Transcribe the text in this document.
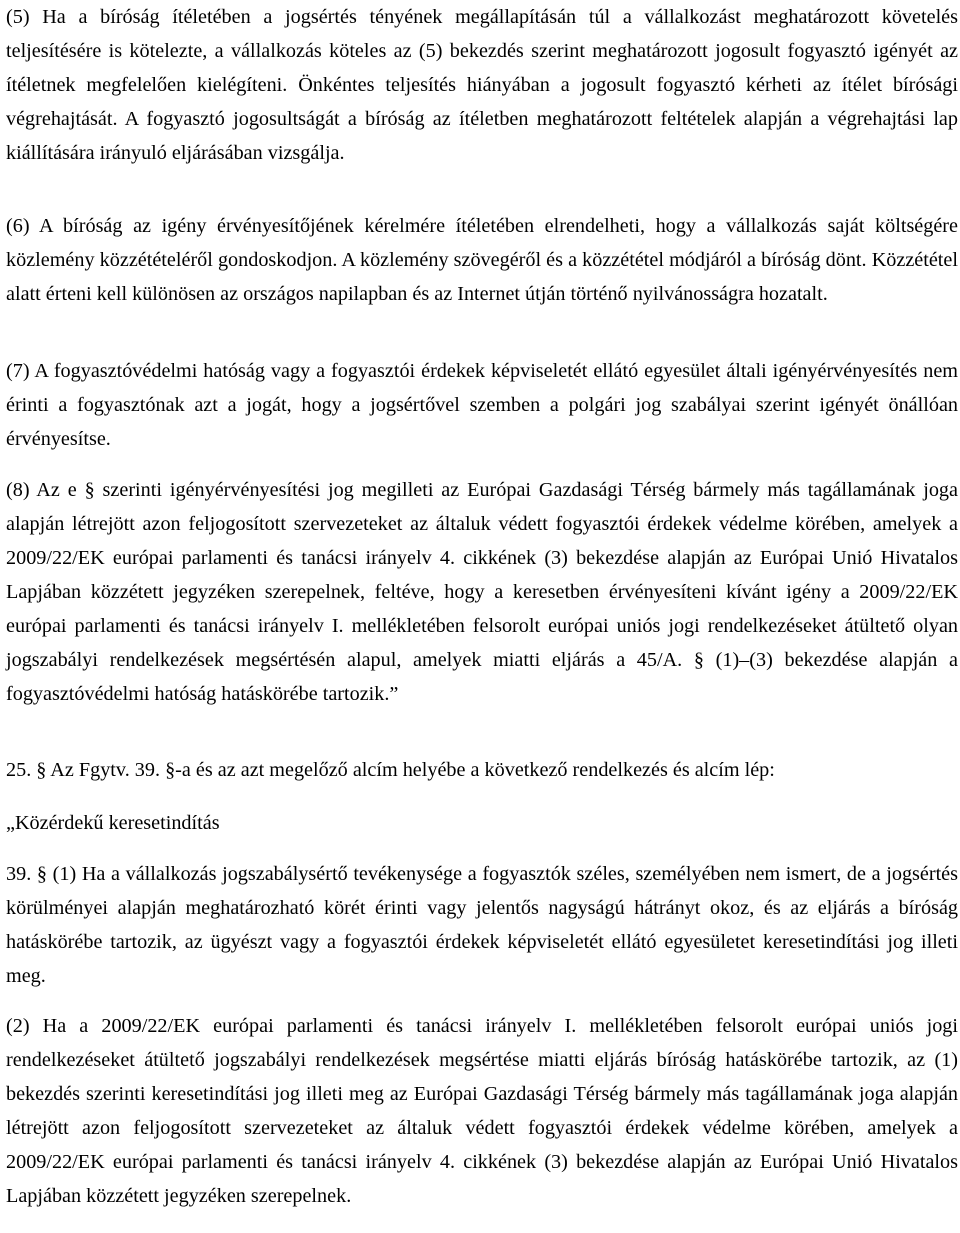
(5) Ha a bíróság ítéletében a jogsértés tényének megállapításán túl a vállalkozást meghatározott követelés teljesítésére is kötelezte, a vállalkozás köteles az (5) bekezdés szerint meghatározott jogosult fogyasztó igényét az ítéletnek megfelelően kielégíteni. Önkéntes teljesítés hiányában a jogosult fogyasztó kérheti az ítélet bírósági végrehajtását. A fogyasztó jogosultságát a bíróság az ítéletben meghatározott feltételek alapján a végrehajtási lap kiállítására irányuló eljárásában vizsgálja.

(6) A bíróság az igény érvényesítőjének kérelmére ítéletében elrendelheti, hogy a vállalkozás saját költségére közlemény közzétételéről gondoskodjon. A közlemény szövegéről és a közzététel módjáról a bíróság dönt. Közzététel alatt érteni kell különösen az országos napilapban és az Internet útján történő nyilvánosságra hozatalt.

(7) A fogyasztóvédelmi hatóság vagy a fogyasztói érdekek képviseletét ellátó egyesület általi igényérvényesítés nem érinti a fogyasztónak azt a jogát, hogy a jogsértővel szemben a polgári jog szabályai szerint igényét önállóan érvényesítse.

(8) Az e § szerinti igényérvényesítési jog megilleti az Európai Gazdasági Térség bármely más tagállamának joga alapján létrejött azon feljogosított szervezeteket az általuk védett fogyasztói érdekek védelme körében, amelyek a 2009/22/EK európai parlamenti és tanácsi irányelv 4. cikkének (3) bekezdése alapján az Európai Unió Hivatalos Lapjában közzétett jegyzéken szerepelnek, feltéve, hogy a keresetben érvényesíteni kívánt igény a 2009/22/EK európai parlamenti és tanácsi irányelv I. mellékletében felsorolt európai uniós jogi rendelkezéseket átültető olyan jogszabályi rendelkezések megsértésén alapul, amelyek miatti eljárás a 45/A. § (1)–(3) bekezdése alapján a fogyasztóvédelmi hatóság hatáskörébe tartozik.”

25. § Az Fgytv. 39. §-a és az azt megelőző alcím helyébe a következő rendelkezés és alcím lép:

„Közérdekű keresetindítás

39. § (1) Ha a vállalkozás jogszabálysértő tevékenysége a fogyasztók széles, személyében nem ismert, de a jogsértés körülményei alapján meghatározható körét érinti vagy jelentős nagyságú hátrányt okoz, és az eljárás a bíróság hatáskörébe tartozik, az ügyészt vagy a fogyasztói érdekek képviseletét ellátó egyesületet keresetindítási jog illeti meg.

(2) Ha a 2009/22/EK európai parlamenti és tanácsi irányelv I. mellékletében felsorolt európai uniós jogi rendelkezéseket átültető jogszabályi rendelkezések megsértése miatti eljárás bíróság hatáskörébe tartozik, az (1) bekezdés szerinti keresetindítási jog illeti meg az Európai Gazdasági Térség bármely más tagállamának joga alapján létrejött azon feljogosított szervezeteket az általuk védett fogyasztói érdekek védelme körében, amelyek a 2009/22/EK európai parlamenti és tanácsi irányelv 4. cikkének (3) bekezdése alapján az Európai Unió Hivatalos Lapjában közzétett jegyzéken szerepelnek.
